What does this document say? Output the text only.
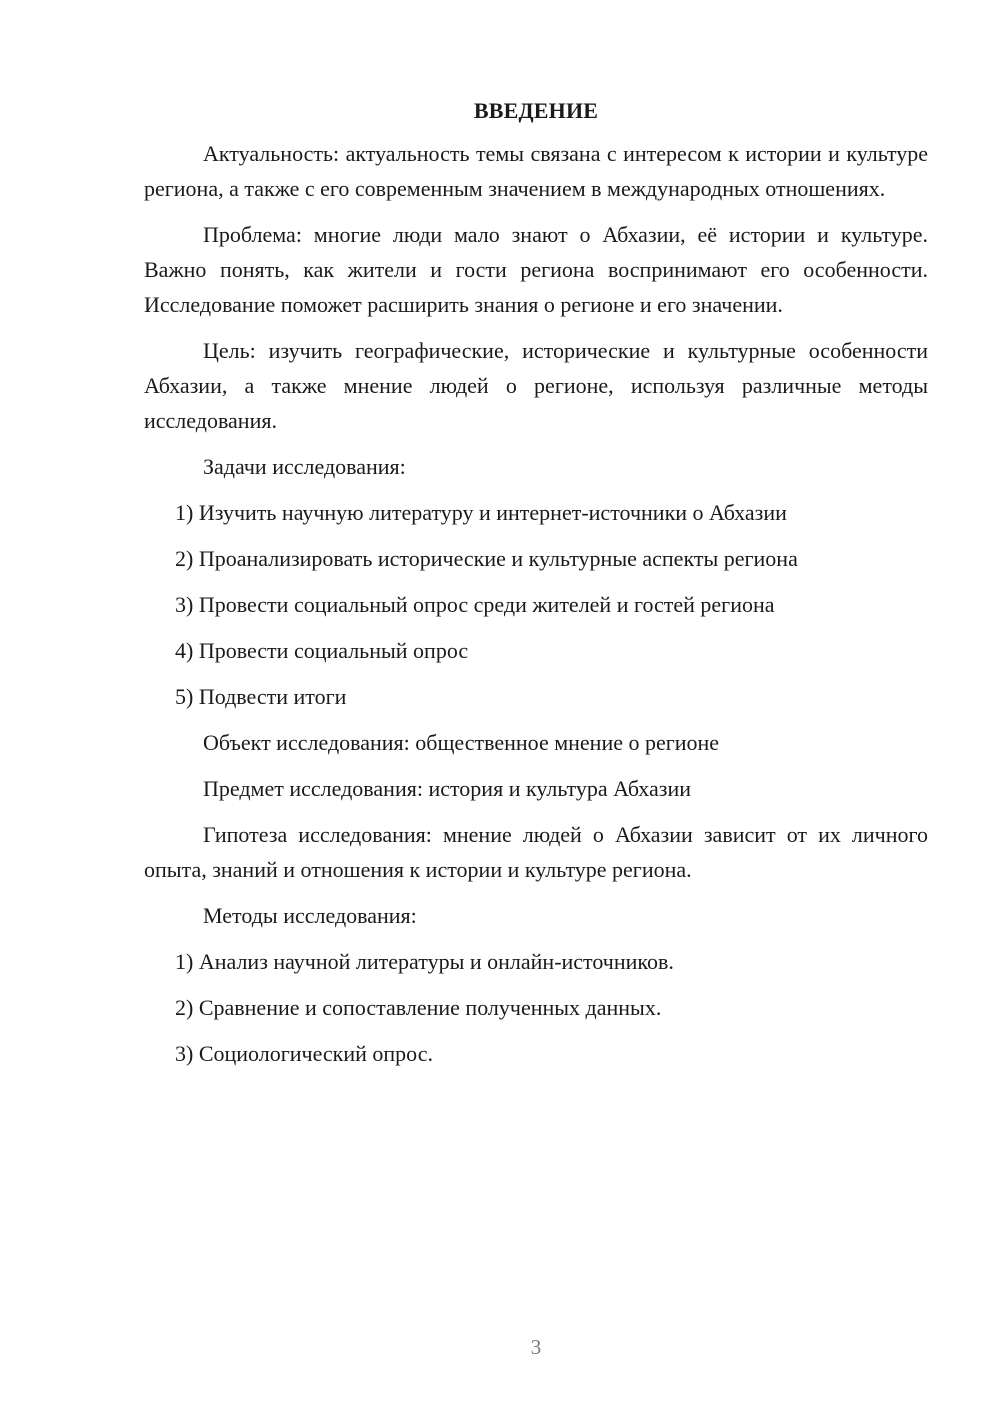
ВВЕДЕНИЕ

Актуальность: актуальность темы связана с интересом к истории и культуре региона, а также с его современным значением в международных отношениях.

Проблема: многие люди мало знают о Абхазии, её истории и культуре. Важно понять, как жители и гости региона воспринимают его особенности. Исследование поможет расширить знания о регионе и его значении.

Цель: изучить географические, исторические и культурные особенности Абхазии, а также мнение людей о регионе, используя различные методы исследования.

Задачи исследования:

1) Изучить научную литературу и интернет-источники о Абхазии

2) Проанализировать исторические и культурные аспекты региона

3) Провести социальный опрос среди жителей и гостей региона

4) Провести социальный опрос

5) Подвести итоги

Объект исследования: общественное мнение о регионе

Предмет исследования: история и культура Абхазии

Гипотеза исследования: мнение людей о Абхазии зависит от их личного опыта, знаний и отношения к истории и культуре региона.

Методы исследования:

1) Анализ научной литературы и онлайн-источников.

2) Сравнение и сопоставление полученных данных.

3) Социологический опрос.

3
